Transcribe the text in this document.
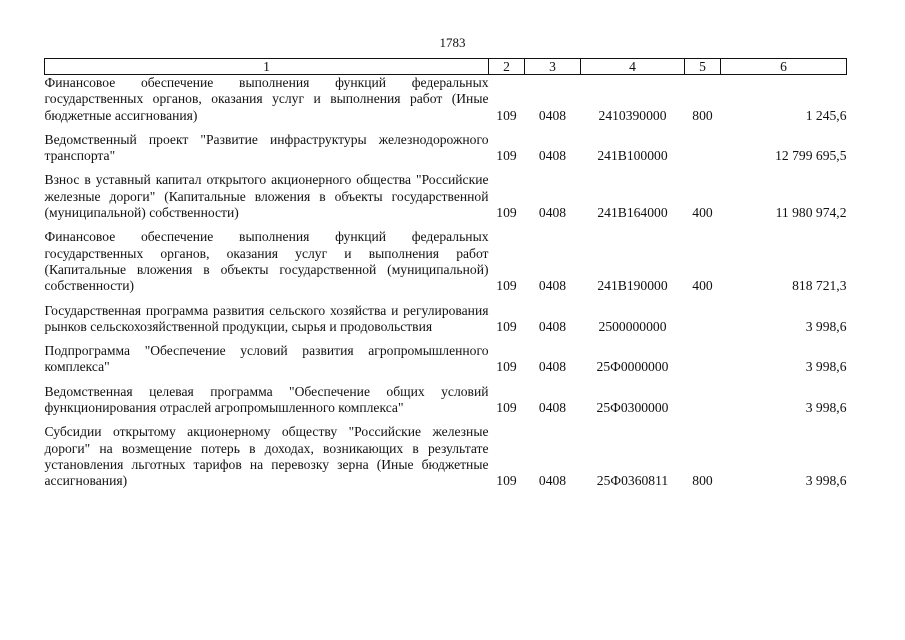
1783
1	2	3	4	5	6
Финансовое обеспечение выполнения функций федеральных государственных органов, оказания услуг и выполнения работ (Иные бюджетные ассигнования)	109	0408	2410390000	800	1 245,6

Ведомственный проект "Развитие инфраструктуры железнодорожного транспорта"	109	0408	241В100000		12 799 695,5

Взнос в уставный капитал открытого акционерного общества "Российские железные дороги" (Капитальные вложения в объекты государственной (муниципальной) собственности)	109	0408	241В164000	400	11 980 974,2

Финансовое обеспечение выполнения функций федеральных государственных органов, оказания услуг и выполнения работ (Капитальные вложения в объекты государственной (муниципальной) собственности)	109	0408	241В190000	400	818 721,3

Государственная программа развития сельского хозяйства и регулирования рынков сельскохозяйственной продукции, сырья и продовольствия	109	0408	2500000000		3 998,6

Подпрограмма "Обеспечение условий развития агропромышленного комплекса"	109	0408	25Ф0000000		3 998,6

Ведомственная целевая программа "Обеспечение общих условий функционирования отраслей агропромышленного комплекса"	109	0408	25Ф0300000		3 998,6

Субсидии открытому акционерному обществу "Российские железные дороги" на возмещение потерь в доходах, возникающих в результате установления льготных тарифов на перевозку зерна (Иные бюджетные ассигнования)	109	0408	25Ф0360811	800	3 998,6
